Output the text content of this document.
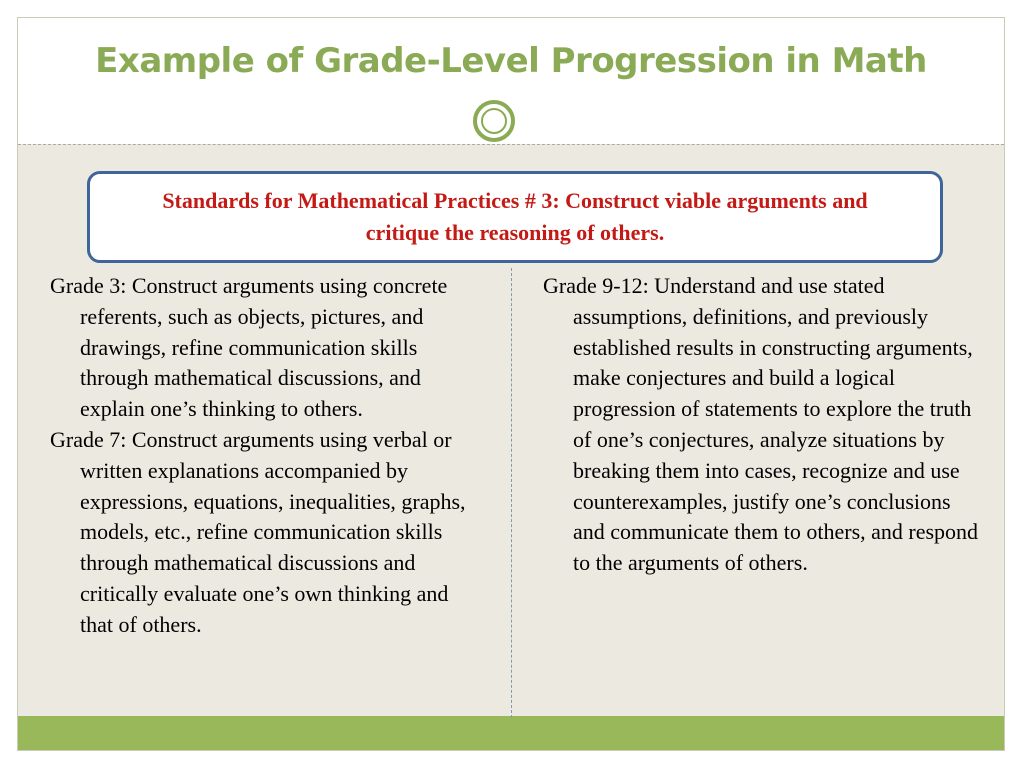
Example of Grade-Level Progression in Math

Standards for Mathematical Practices # 3: Construct viable arguments and critique the reasoning of others.

Grade 3: Construct arguments using concrete referents, such as objects, pictures, and drawings, refine communication skills through mathematical discussions, and explain one’s thinking to others.
Grade 7: Construct arguments using verbal or written explanations accompanied by expressions, equations, inequalities, graphs, models, etc., refine communication skills through mathematical discussions and critically evaluate one’s own thinking and that of others.
Grade 9-12: Understand and use stated assumptions, definitions, and previously established results in constructing arguments, make conjectures and build a logical progression of statements to explore the truth of one’s conjectures, analyze situations by breaking them into cases, recognize and use counterexamples, justify one’s conclusions and communicate them to others, and respond to the arguments of others.
